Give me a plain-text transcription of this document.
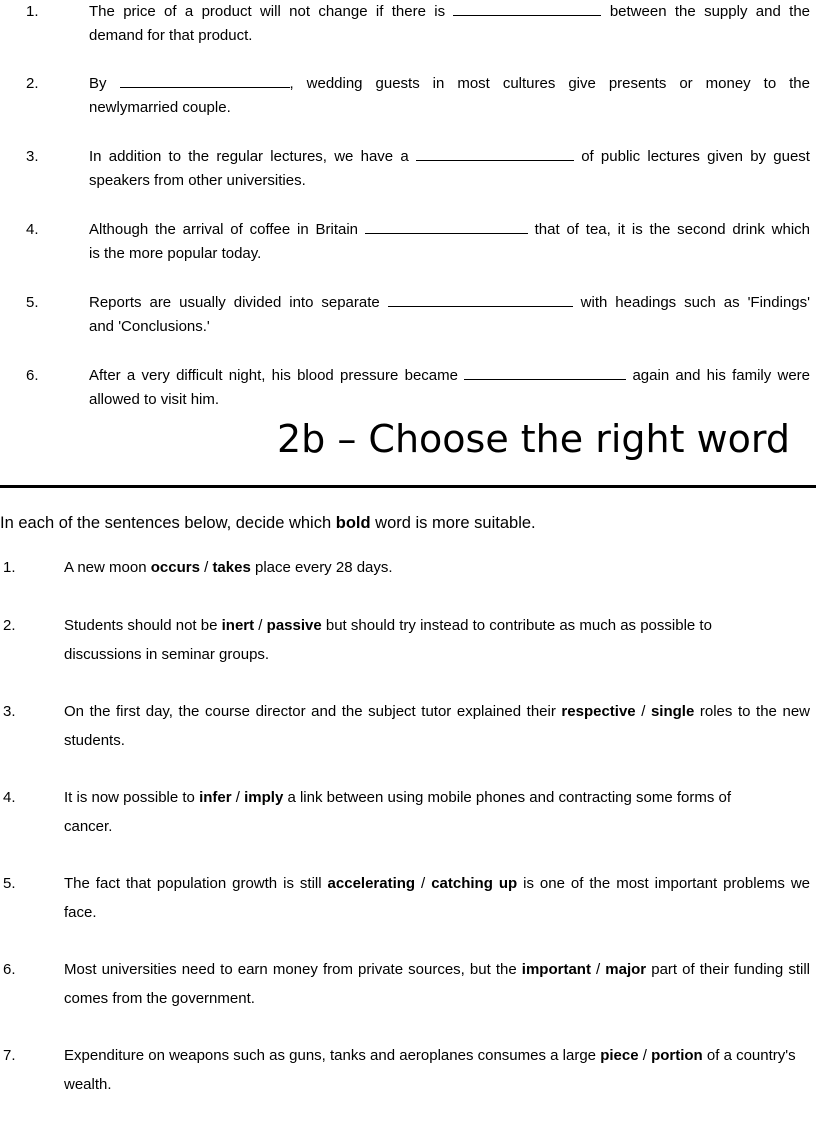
1.	The price of a product will not change if there is	between the supply and the
demand for that product.
2.	By	, wedding guests in most cultures give presents or money to the
newlymarried couple.
3.	In addition to the regular lectures, we have a	of public lectures given by guest
speakers from other universities.
4.	Although the arrival of coffee in Britain	that of tea, it is the second drink which
is the more popular today.
5.	Reports are usually divided into separate	with headings such as 'Findings'
and 'Conclusions.'
6.	After a very difficult night, his blood pressure became	again and his family were
allowed to visit him.
2b – Choose the right word
In each of the sentences below, decide which bold word is more suitable.
1.	A new moon occurs / takes place every 28 days.
2.	Students should not be inert / passive but should try instead to contribute as much as possible to discussions in seminar groups.
3.	On the first day, the course director and the subject tutor explained their respective / single roles to the new students.
4.	It is now possible to infer / imply a link between using mobile phones and contracting some forms of cancer.
5.	The fact that population growth is still accelerating / catching up is one of the most important problems we face.
6.	Most universities need to earn money from private sources, but the important / major part of their funding still comes from the government.
7.	Expenditure on weapons such as guns, tanks and aeroplanes consumes a large piece / portion of a country's wealth.
